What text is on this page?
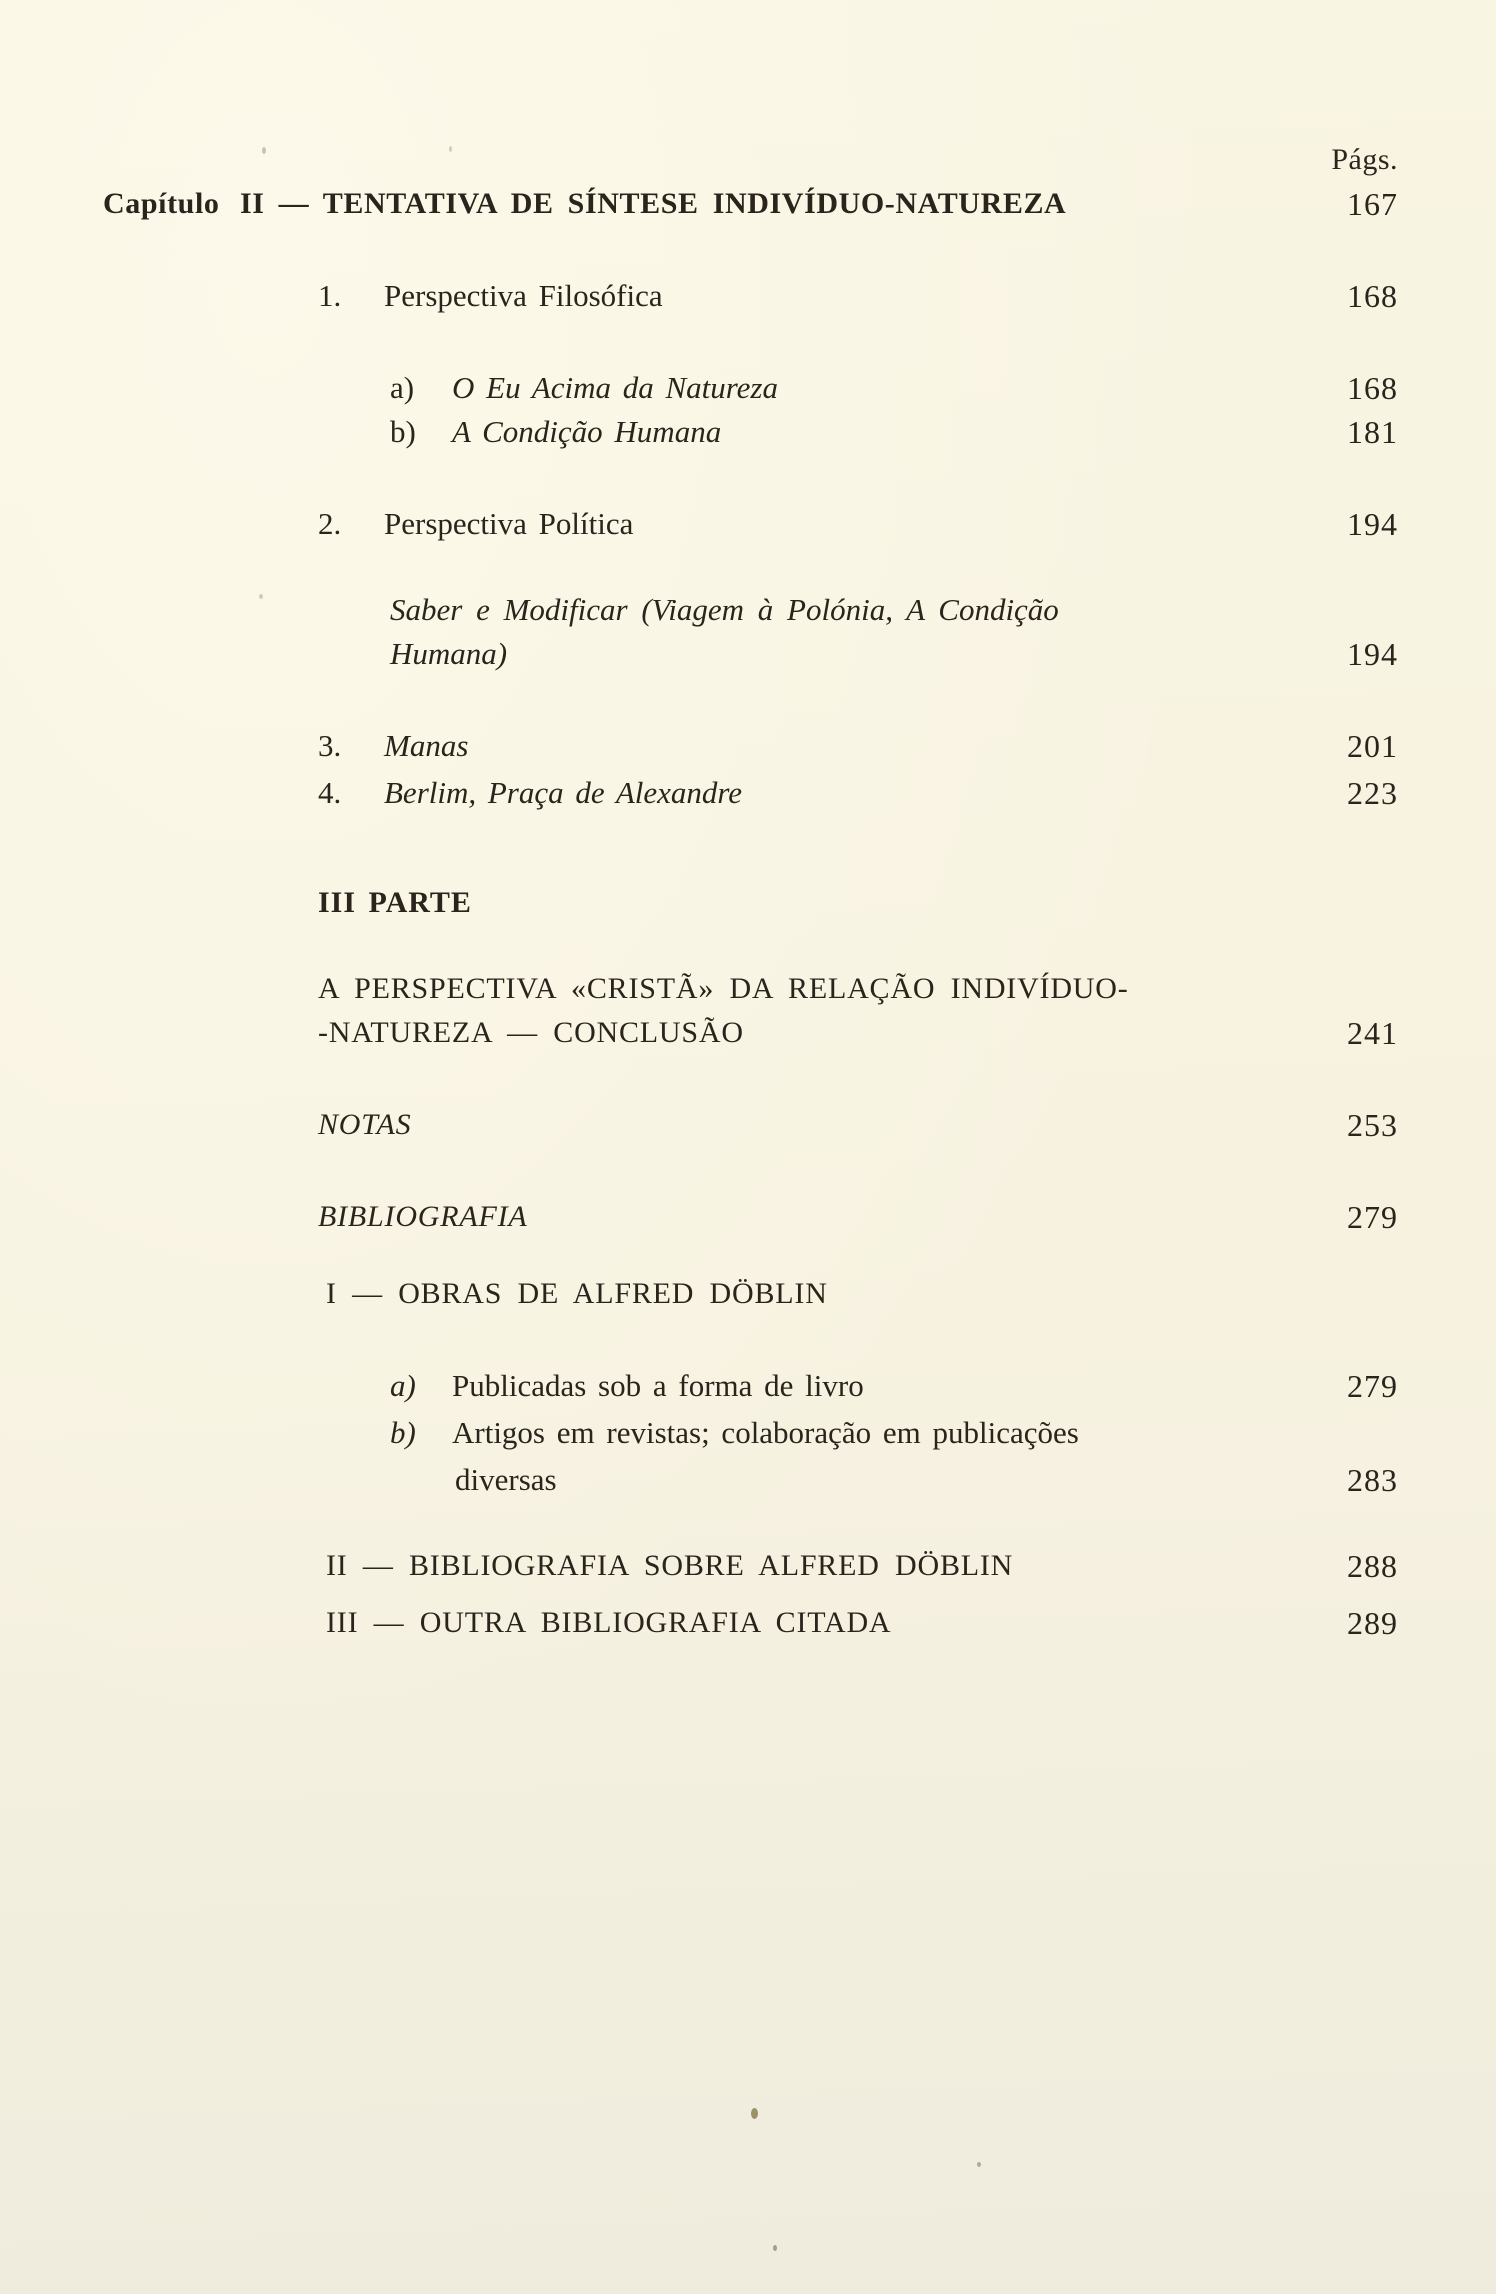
Págs.
Capítulo II — TENTATIVA DE SÍNTESE INDIVÍDUO-NATUREZA	167
1. Perspectiva Filosófica	168
a) O Eu Acima da Natureza	168
b) A Condição Humana	181
2. Perspectiva Política	194
Saber e Modificar (Viagem à Polónia, A Condição
Humana)	194
3. Manas	201
4. Berlim, Praça de Alexandre	223
III PARTE
A PERSPECTIVA «CRISTÃ» DA RELAÇÃO INDIVÍDUO-
-NATUREZA — CONCLUSÃO	241
NOTAS	253
BIBLIOGRAFIA	279
I — OBRAS DE ALFRED DÖBLIN
a) Publicadas sob a forma de livro	279
b) Artigos em revistas; colaboração em publicações
diversas	283
II — BIBLIOGRAFIA SOBRE ALFRED DÖBLIN	288
III — OUTRA BIBLIOGRAFIA CITADA	289
